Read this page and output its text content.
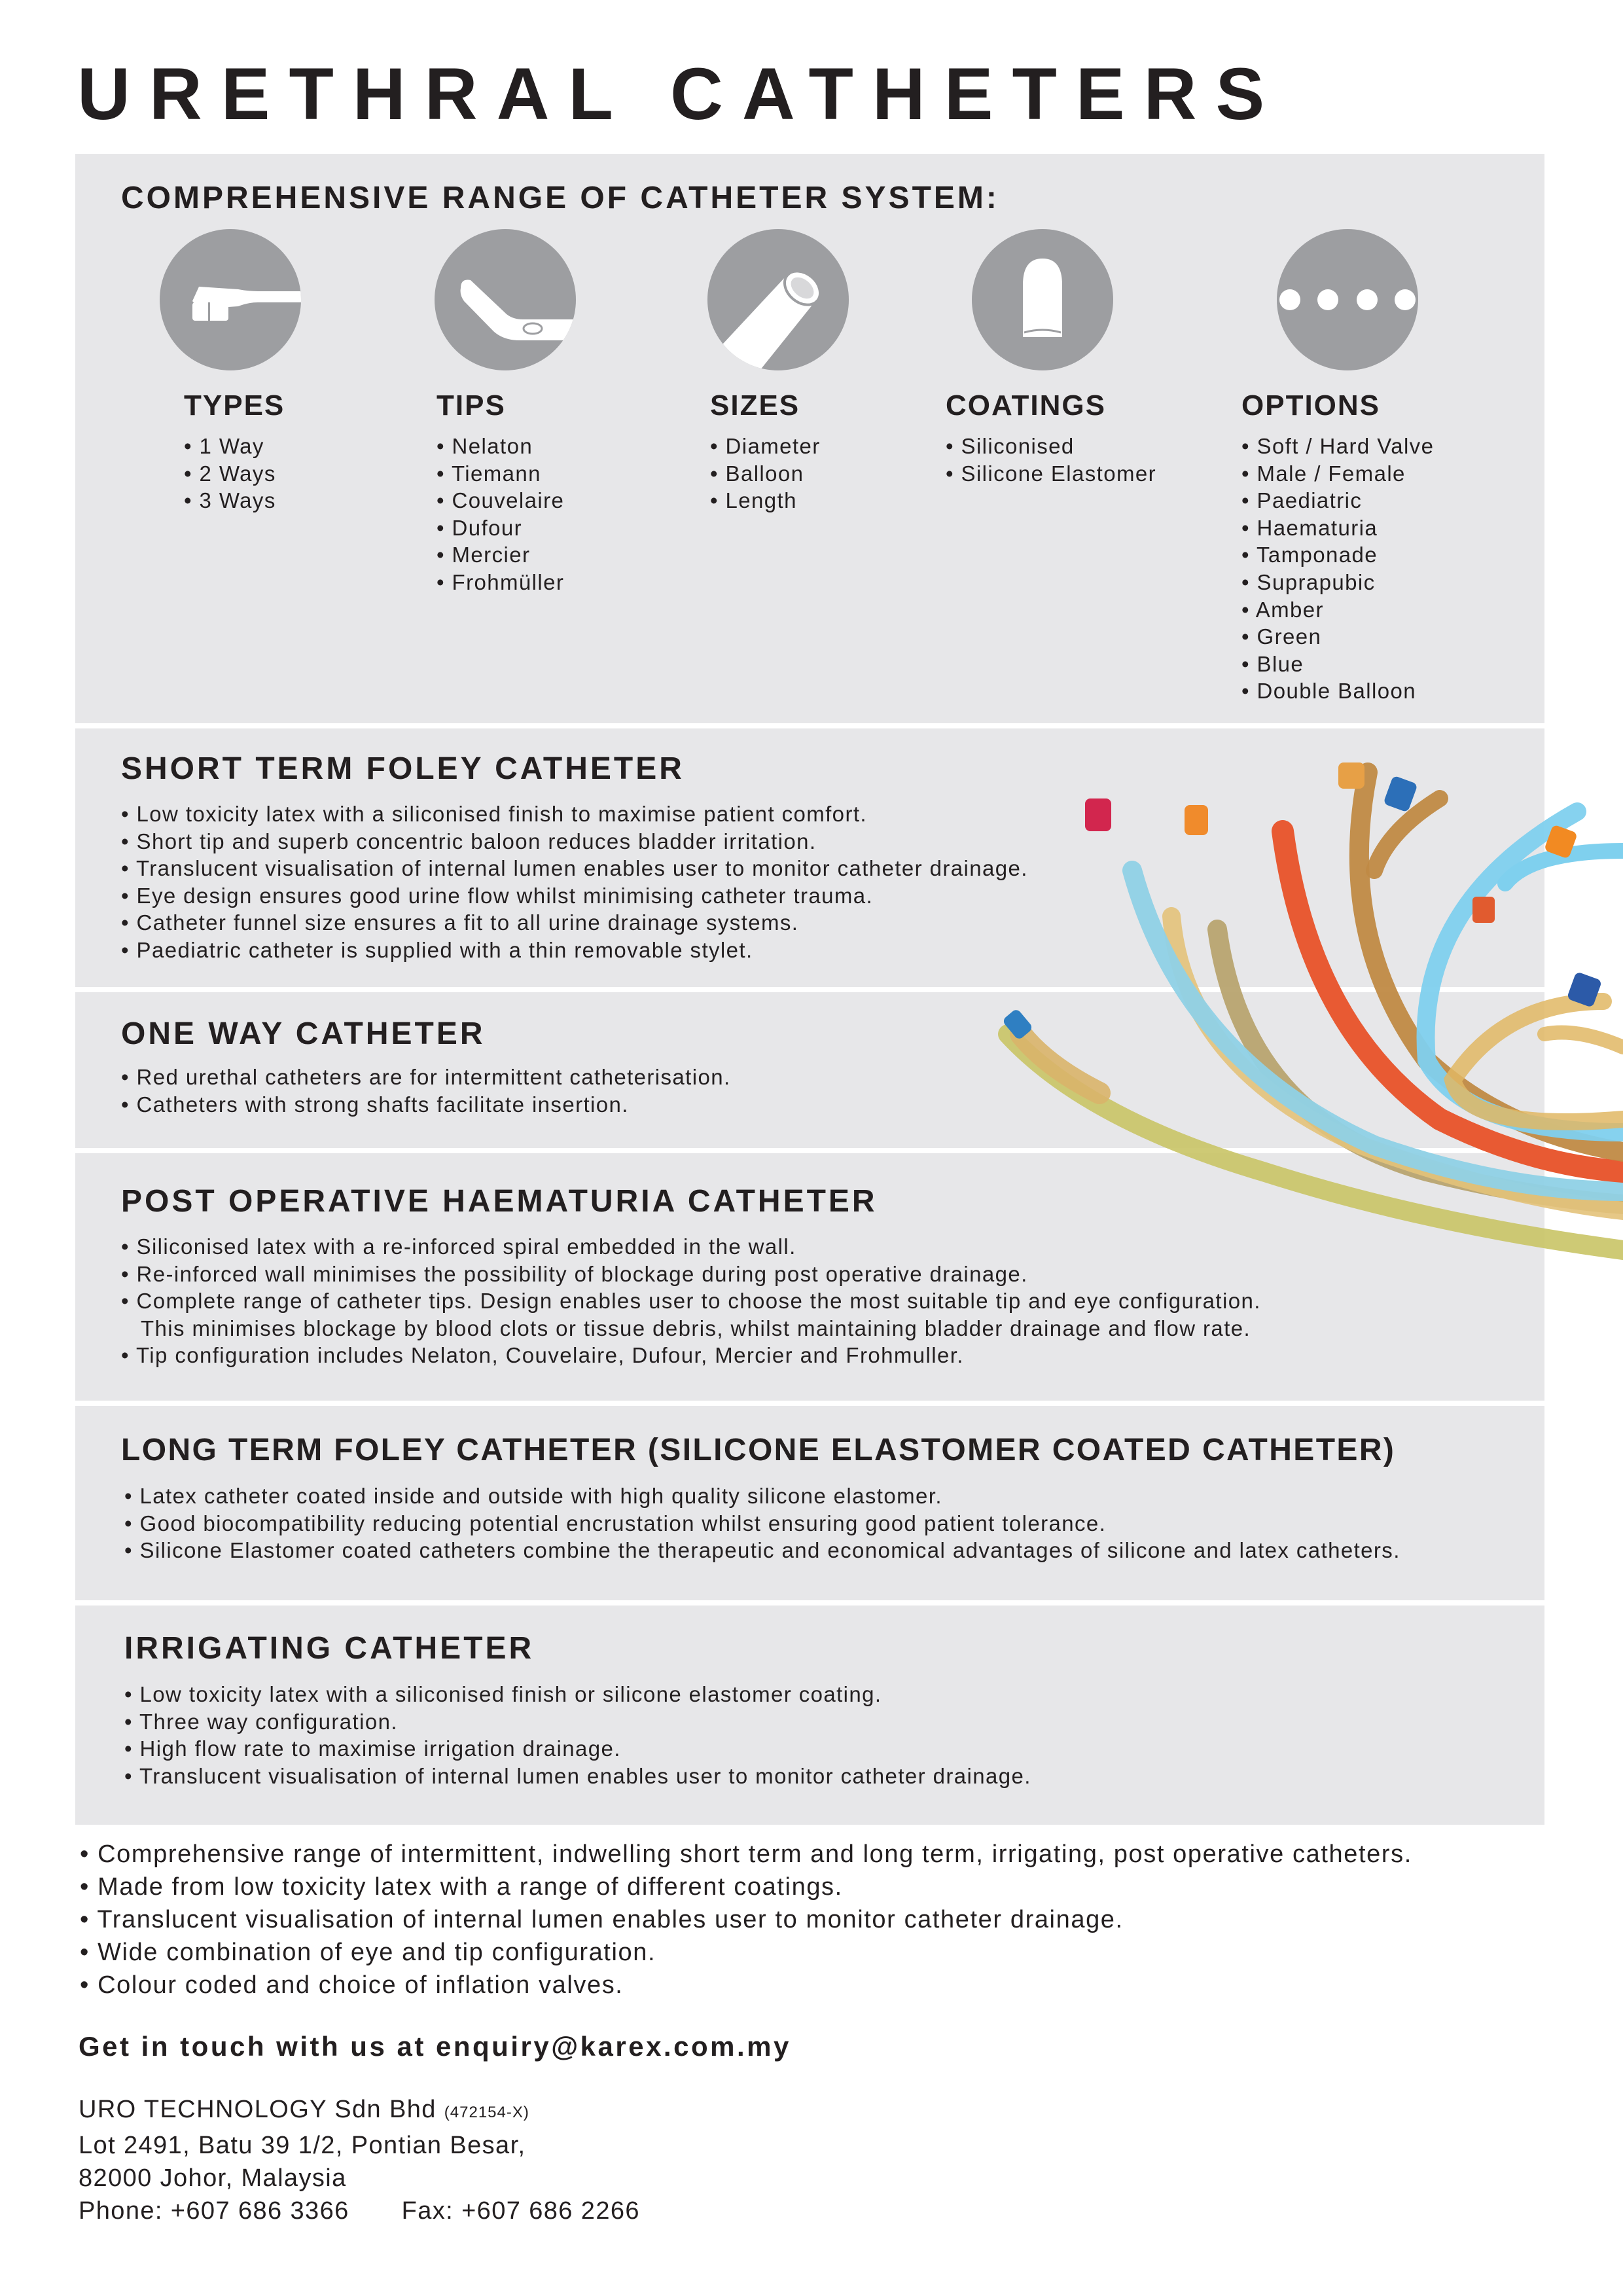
URETHRAL CATHETERS
COMPREHENSIVE RANGE OF CATHETER SYSTEM:
TYPES
• 1 Way
• 2 Ways
• 3 Ways
TIPS
• Nelaton
• Tiemann
• Couvelaire
• Dufour
• Mercier
• Frohmüller
SIZES
• Diameter
• Balloon
• Length
COATINGS
• Siliconised
• Silicone Elastomer
OPTIONS
• Soft / Hard Valve
• Male / Female
• Paediatric
• Haematuria
• Tamponade
• Suprapubic
• Amber
• Green
• Blue
• Double Balloon
SHORT TERM FOLEY CATHETER
• Low toxicity latex with a siliconised finish to maximise patient comfort.
• Short tip and superb concentric baloon reduces bladder irritation.
• Translucent visualisation of internal lumen enables user to monitor catheter drainage.
• Eye design ensures good urine flow whilst minimising catheter trauma.
• Catheter funnel size ensures a fit to all urine drainage systems.
• Paediatric catheter is supplied with a thin removable stylet.
ONE WAY CATHETER
• Red urethal catheters are for intermittent catheterisation.
• Catheters with strong shafts facilitate insertion.
POST OPERATIVE HAEMATURIA CATHETER
• Siliconised latex with a re-inforced spiral embedded in the wall.
• Re-inforced wall minimises the possibility of blockage during post operative drainage.
• Complete range of catheter tips. Design enables user to choose the most suitable tip and eye configuration.
This minimises blockage by blood clots or tissue debris, whilst maintaining bladder drainage and flow rate.
• Tip configuration includes Nelaton, Couvelaire, Dufour, Mercier and Frohmuller.
LONG TERM FOLEY CATHETER (SILICONE ELASTOMER COATED CATHETER)
• Latex catheter coated inside and outside with high quality silicone elastomer.
• Good biocompatibility reducing potential encrustation whilst ensuring good patient tolerance.
• Silicone Elastomer coated catheters combine the therapeutic and economical advantages of silicone and latex catheters.
IRRIGATING CATHETER
• Low toxicity latex with a siliconised finish or silicone elastomer coating.
• Three way configuration.
• High flow rate to maximise irrigation drainage.
• Translucent visualisation of internal lumen enables user to monitor catheter drainage.
• Comprehensive range of intermittent, indwelling short term and long term, irrigating, post operative catheters.
• Made from low toxicity latex with a range of different coatings.
• Translucent visualisation of internal lumen enables user to monitor catheter drainage.
• Wide combination of eye and tip configuration.
• Colour coded and choice of inflation valves.

Get in touch with us at enquiry@karex.com.my

URO TECHNOLOGY Sdn Bhd (472154-X)
Lot 2491, Batu 39 1/2, Pontian Besar,
82000 Johor, Malaysia
Phone: +607 686 3366 Fax: +607 686 2266
